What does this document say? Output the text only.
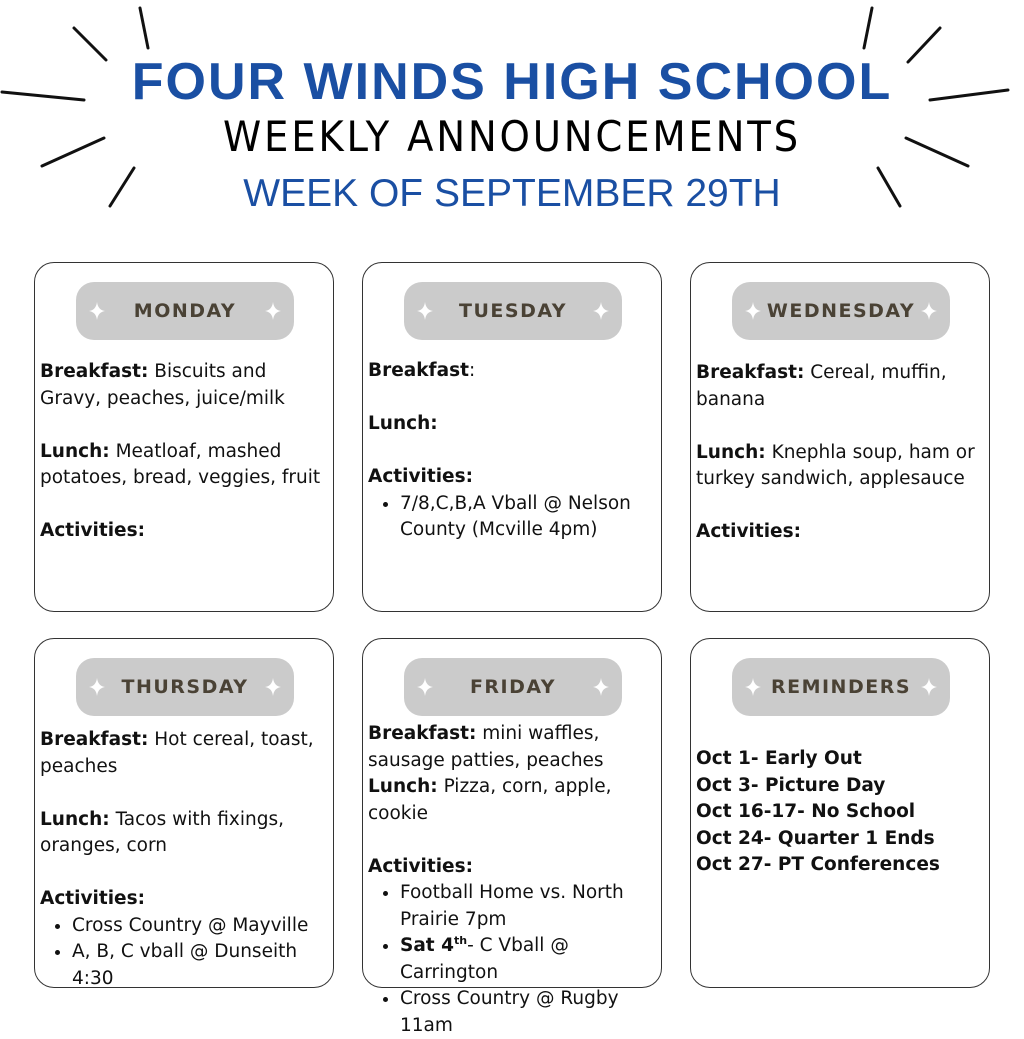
FOUR WINDS HIGH SCHOOL
WEEKLY ANNOUNCEMENTS
WEEK OF SEPTEMBER 29TH
MONDAY

Breakfast: Biscuits and Gravy, peaches, juice/milk

Lunch: Meatloaf, mashed potatoes, bread, veggies, fruit

Activities:

TUESDAY

Breakfast:

Lunch:

Activities:

• 7/8,C,B,A Vball @ Nelson County (Mcville 4pm)
WEDNESDAY

Breakfast: Cereal, muffin, banana

Lunch: Knephla soup, ham or turkey sandwich, applesauce

Activities:

THURSDAY

Breakfast: Hot cereal, toast, peaches

Lunch: Tacos with fixings, oranges, corn

Activities:

• Cross Country @ Mayville
• A, B, C vball @ Dunseith 4:30
FRIDAY

Breakfast: mini waffles, sausage patties, peaches

Lunch: Pizza, corn, apple, cookie

Activities:

• Football Home vs. North Prairie 7pm
• Sat 4th- C Vball @ Carrington
• Cross Country @ Rugby 11am
REMINDERS

Oct 1- Early Out

Oct 3- Picture Day

Oct 16-17- No School

Oct 24- Quarter 1 Ends

Oct 27- PT Conferences
